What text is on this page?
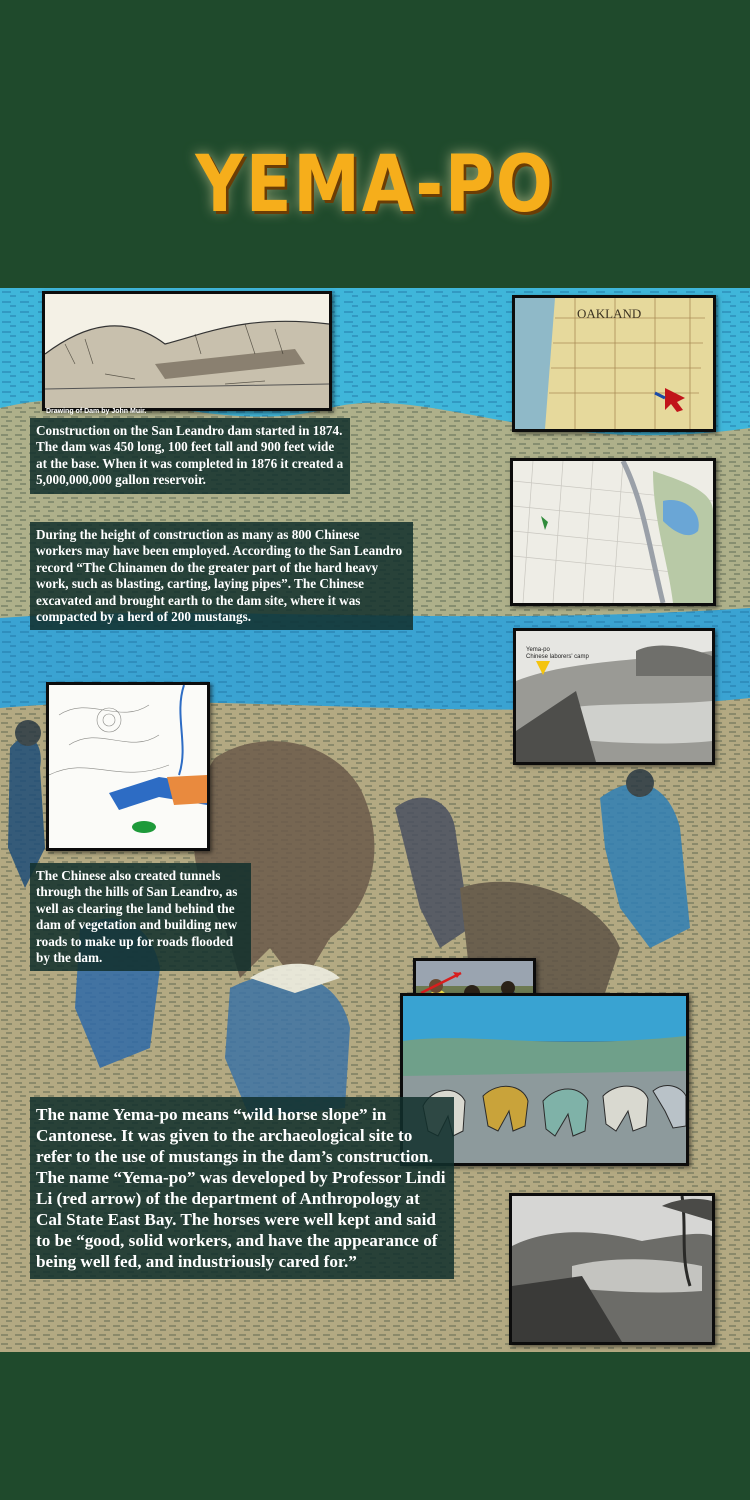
YEMA-PO
Drawing of Dam by John Muir.
Construction on the San Leandro dam started in 1874. The dam was 450 long, 100 feet tall and 900 feet wide at the base. When it was completed in 1876 it created a 5,000,000,000 gallon reservoir.
During the height of construction as many as 800 Chinese workers may have been employed. According to the San Leandro record “The Chinamen do the greater part of the hard heavy work, such as blasting, carting, laying pipes”. The Chinese excavated and brought earth to the dam site, where it was compacted by a herd of 200 mustangs.
OAKLAND
Yema-po
Chinese laborers' camp
The Chinese also created tunnels through the hills of San Leandro, as well as clearing the land behind the dam of vegetation and building new roads to make up for roads flooded by the dam.
The name Yema-po means “wild horse slope” in Cantonese. It was given to the archaeological site to refer to the use of mustangs in the dam’s construction. The name “Yema-po” was developed by Professor Lindi Li (red arrow) of the department of Anthropology at Cal State East Bay. The horses were well kept and said to be “good, solid workers, and have the appearance of being well fed, and industriously cared for.”
